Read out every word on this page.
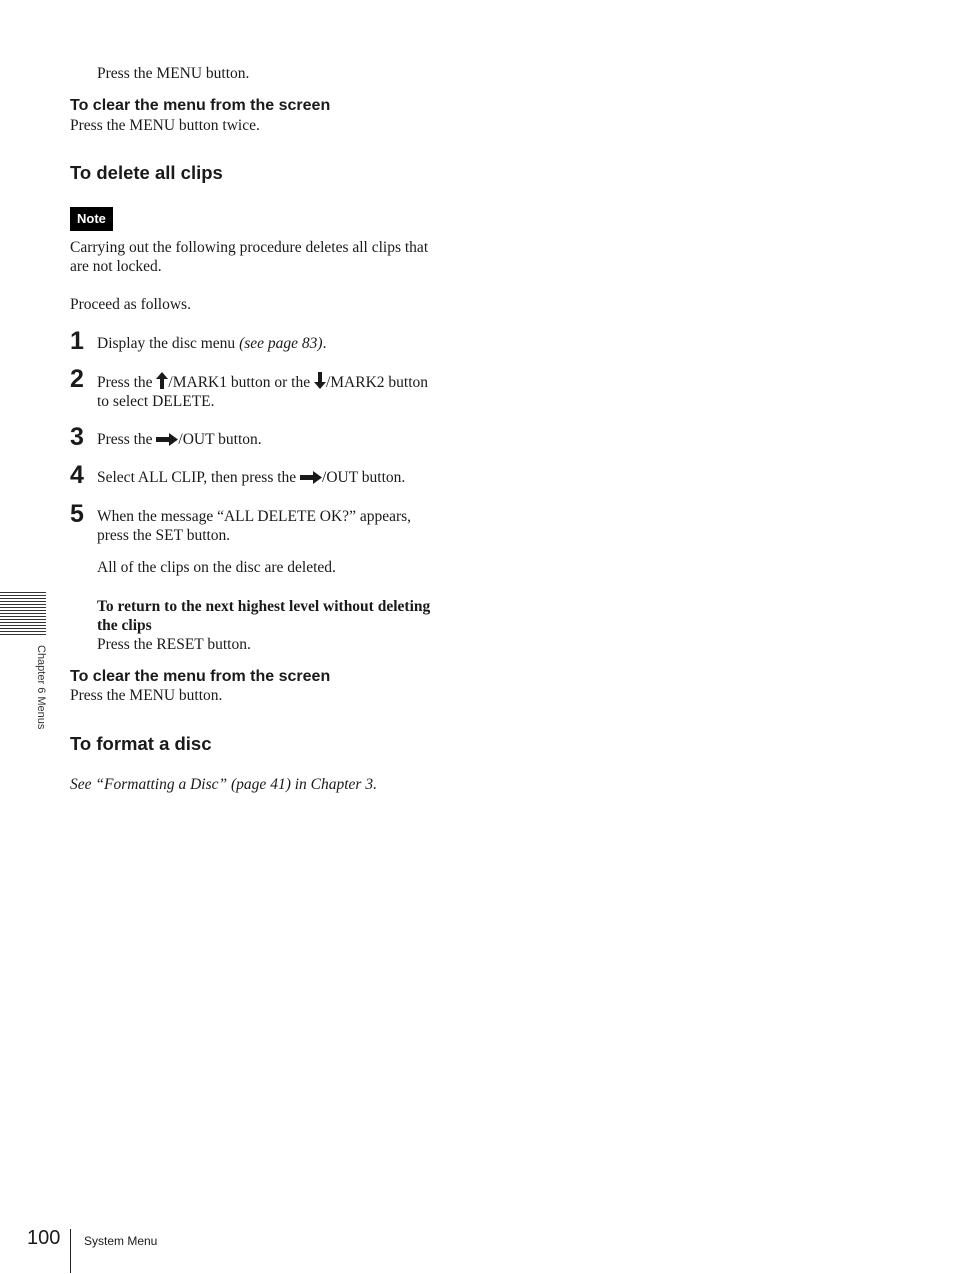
Press the MENU button.
To clear the menu from the screen
Press the MENU button twice.
To delete all clips
Note
Carrying out the following procedure deletes all clips that
are not locked.
Proceed as follows.
1 Display the disc menu (see page 83).
2 Press the /MARK1 button or the /MARK2 button
to select DELETE.
3 Press the /OUT button.
4 Select ALL CLIP, then press the /OUT button.
5 When the message “ALL DELETE OK?” appears,
press the SET button.
All of the clips on the disc are deleted.
To return to the next highest level without deleting
the clips
Press the RESET button.
To clear the menu from the screen
Press the MENU button.
To format a disc
See “Formatting a Disc” (page 41) in Chapter 3.
Chapter 6 Menus
100 System Menu
